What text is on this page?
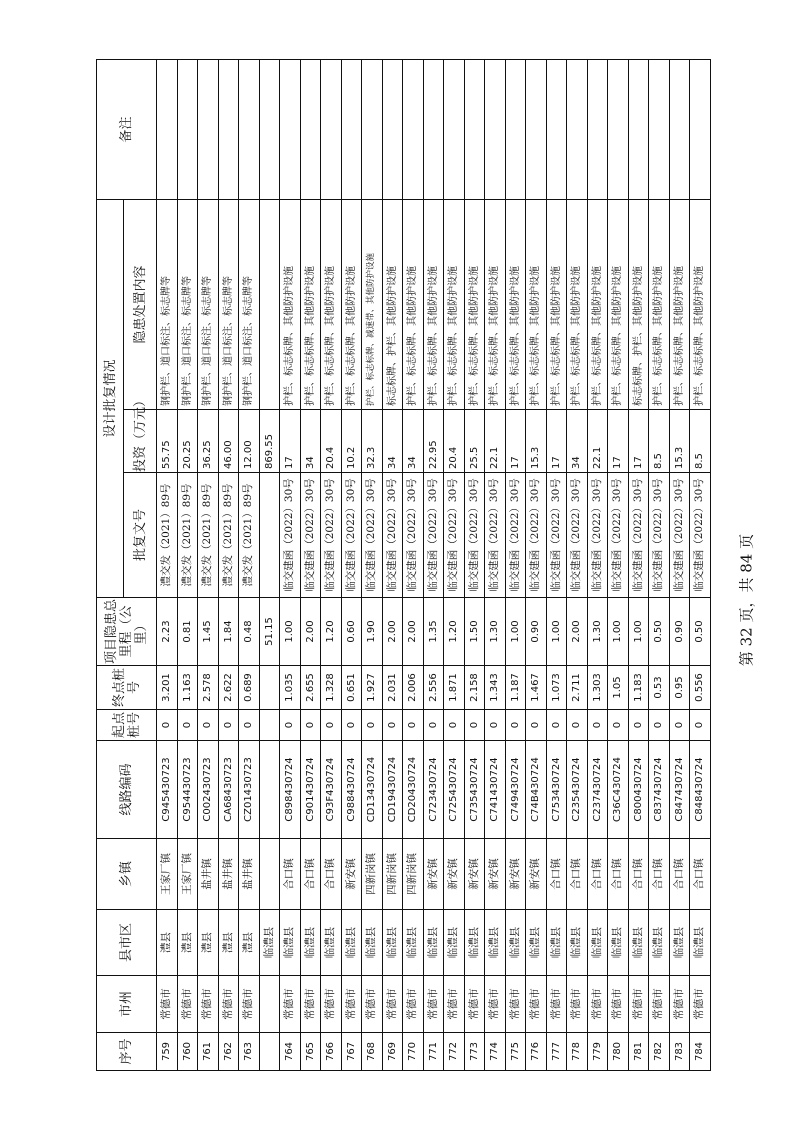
序号	市州	县市区	乡镇	线路编码	起点桩号	终点桩号	项目隐患总里程（公里）	设计批复情况			备注
								批复文号	投资（万元）	隐患处置内容	
759	常德市	澧县	王家厂镇	C945430723	0	3.201	2.23	澧交发（2021）89号	55.75	钢护栏、道口标注、标志牌等	
760	常德市	澧县	王家厂镇	C954430723	0	1.163	0.81	澧交发（2021）89号	20.25	钢护栏、道口标注、标志牌等	
761	常德市	澧县	盐井镇	C002430723	0	2.578	1.45	澧交发（2021）89号	36.25	钢护栏、道口标注、标志牌等	
762	常德市	澧县	盐井镇	CA68430723	0	2.622	1.84	澧交发（2021）89号	46.00	钢护栏、道口标注、标志牌等	
763	常德市	澧县	盐井镇	CZ01430723	0	0.689	0.48	澧交发（2021）89号	12.00	钢护栏、道口标注、标志牌等	
		临澧县					51.15		869.55		
764	常德市	临澧县	合口镇	C898430724	0	1.035	1.00	临交建函（2022）30号	17	护栏、标志标牌、其他防护设施	
765	常德市	临澧县	合口镇	C901430724	0	2.655	2.00	临交建函（2022）30号	34	护栏、标志标牌、其他防护设施	
766	常德市	临澧县	合口镇	C93F430724	0	1.328	1.20	临交建函（2022）30号	20.4	护栏、标志标牌、其他防护设施	
767	常德市	临澧县	新安镇	C988430724	0	0.651	0.60	临交建函（2022）30号	10.2	护栏、标志标牌、其他防护设施	
768	常德市	临澧县	四新岗镇	CD13430724	0	1.927	1.90	临交建函（2022）30号	32.3	护栏、标志标牌、减速带、其他防护设施	
769	常德市	临澧县	四新岗镇	CD19430724	0	2.031	2.00	临交建函（2022）30号	34	标志标牌、护栏、其他防护设施	
770	常德市	临澧县	四新岗镇	CD20430724	0	2.006	2.00	临交建函（2022）30号	34	护栏、标志标牌、其他防护设施	
771	常德市	临澧县	新安镇	C723430724	0	2.556	1.35	临交建函（2022）30号	22.95	护栏、标志标牌、其他防护设施	
772	常德市	临澧县	新安镇	C725430724	0	1.871	1.20	临交建函（2022）30号	20.4	护栏、标志标牌、其他防护设施	
773	常德市	临澧县	新安镇	C735430724	0	2.158	1.50	临交建函（2022）30号	25.5	护栏、标志标牌、其他防护设施	
774	常德市	临澧县	新安镇	C741430724	0	1.343	1.30	临交建函（2022）30号	22.1	护栏、标志标牌、其他防护设施	
775	常德市	临澧县	新安镇	C749430724	0	1.187	1.00	临交建函（2022）30号	17	护栏、标志标牌、其他防护设施	
776	常德市	临澧县	新安镇	C74B430724	0	1.467	0.90	临交建函（2022）30号	15.3	护栏、标志标牌、其他防护设施	
777	常德市	临澧县	合口镇	C753430724	0	1.073	1.00	临交建函（2022）30号	17	护栏、标志标牌、其他防护设施	
778	常德市	临澧县	合口镇	C235430724	0	2.711	2.00	临交建函（2022）30号	34	护栏、标志标牌、其他防护设施	
779	常德市	临澧县	合口镇	C237430724	0	1.303	1.30	临交建函（2022）30号	22.1	护栏、标志标牌、其他防护设施	
780	常德市	临澧县	合口镇	C36C430724	0	1.05	1.00	临交建函（2022）30号	17	护栏、标志标牌、其他防护设施	
781	常德市	临澧县	合口镇	C800430724	0	1.183	1.00	临交建函（2022）30号	17	标志标牌、护栏、其他防护设施	
782	常德市	临澧县	合口镇	C837430724	0	0.53	0.50	临交建函（2022）30号	8.5	护栏、标志标牌、其他防护设施	
783	常德市	临澧县	合口镇	C847430724	0	0.95	0.90	临交建函（2022）30号	15.3	护栏、标志标牌、其他防护设施	
784	常德市	临澧县	合口镇	C848430724	0	0.556	0.50	临交建函（2022）30号	8.5	护栏、标志标牌、其他防护设施	
第 32 页，共 84 页
